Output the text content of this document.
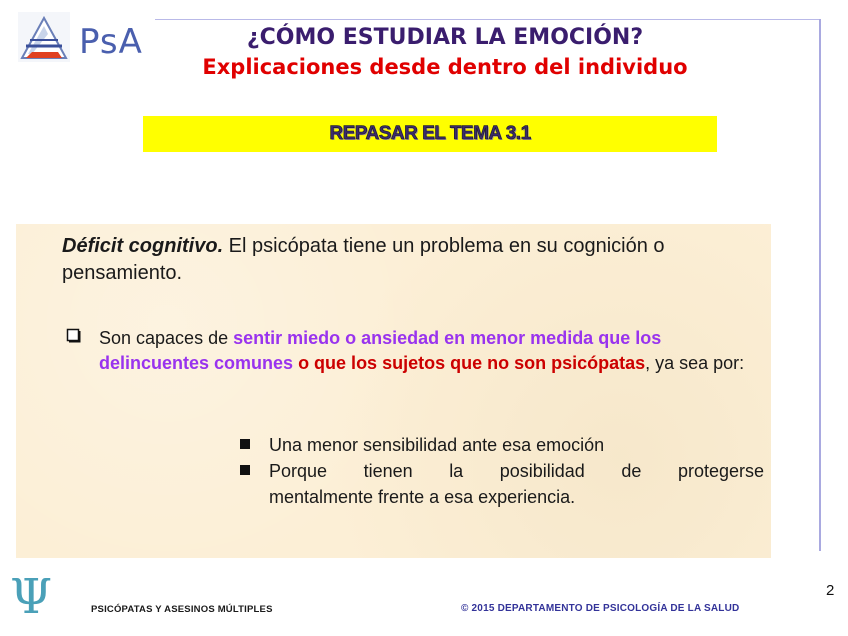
PsA	¿CÓMO ESTUDIAR LA EMOCIÓN?
Explicaciones desde dentro del individuo
REPASAR EL TEMA 3.1
Déficit cognitivo. El psicópata tiene un problema en su cognición o pensamiento.
Son capaces de sentir miedo o ansiedad en menor medida que los delincuentes comunes o que los sujetos que no son psicópatas, ya sea por:
Una menor sensibilidad ante esa emoción
Porque tienen la posibilidad de protegerse
mentalmente frente a esa experiencia.
Ψ	PSICÓPATAS Y ASESINOS MÚLTIPLES	© 2015 DEPARTAMENTO DE PSICOLOGÍA DE LA SALUD
2
